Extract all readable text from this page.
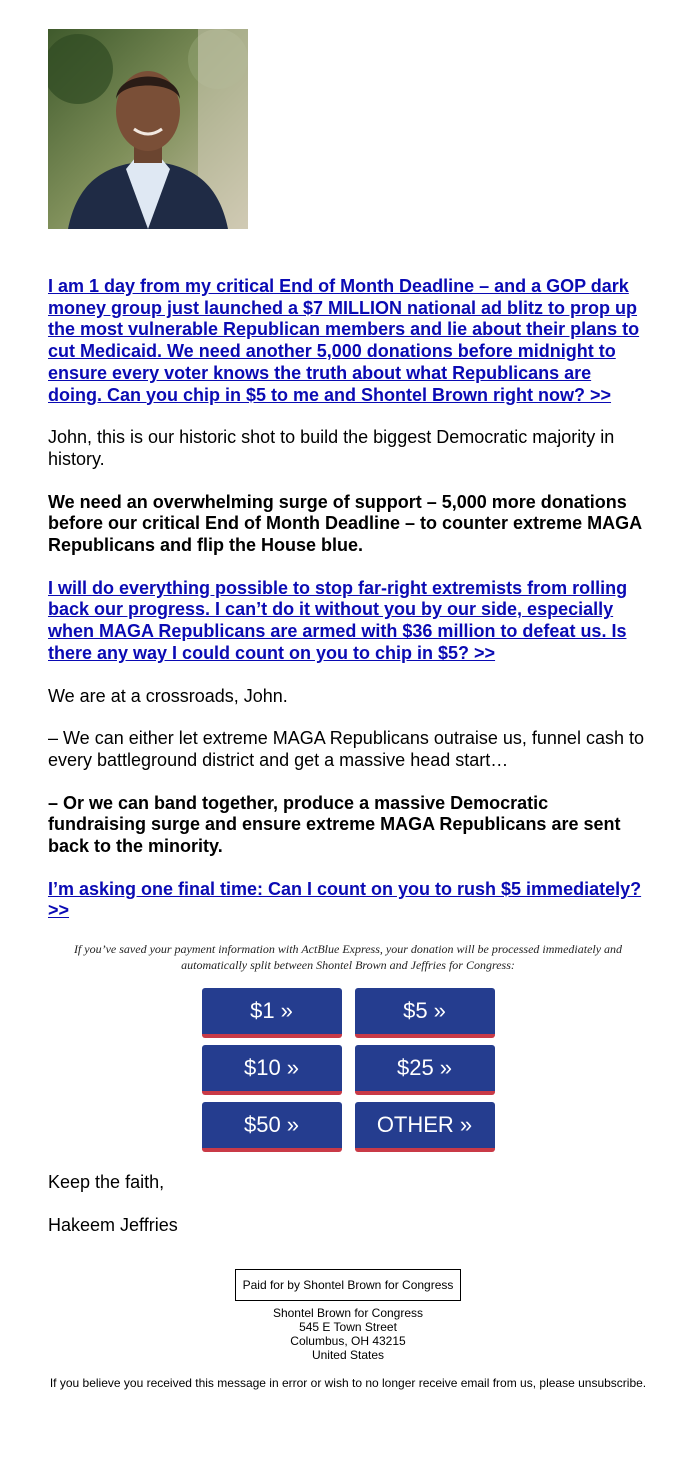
I am 1 day from my critical End of Month Deadline – and a GOP dark money group just launched a $7 MILLION national ad blitz to prop up the most vulnerable Republican members and lie about their plans to cut Medicaid. We need another 5,000 donations before midnight to ensure every voter knows the truth about what Republicans are doing. Can you chip in $5 to me and Shontel Brown right now? >>

John, this is our historic shot to build the biggest Democratic majority in history.

We need an overwhelming surge of support – 5,000 more donations before our critical End of Month Deadline – to counter extreme MAGA Republicans and flip the House blue.

I will do everything possible to stop far-right extremists from rolling back our progress. I can’t do it without you by our side, especially when MAGA Republicans are armed with $36 million to defeat us. Is there any way I could count on you to chip in $5? >>

We are at a crossroads, John.

– We can either let extreme MAGA Republicans outraise us, funnel cash to every battleground district and get a massive head start…

– Or we can band together, produce a massive Democratic fundraising surge and ensure extreme MAGA Republicans are sent back to the minority.

I’m asking one final time: Can I count on you to rush $5 immediately? >>

If you’ve saved your payment information with ActBlue Express, your donation will be processed immediately and automatically split between Shontel Brown and Jeffries for Congress:

$1 »	$5 »
$10 »	$25 »
$50 »	OTHER »

Keep the faith,

Hakeem Jeffries

Paid for by Shontel Brown for Congress

Shontel Brown for Congress

545 E Town Street

Columbus, OH 43215

United States

If you believe you received this message in error or wish to no longer receive email from us, please unsubscribe.
